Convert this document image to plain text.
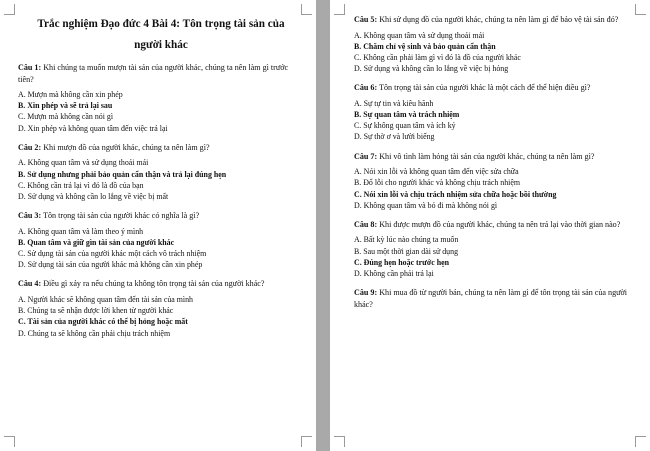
Trắc nghiệm Đạo đức 4 Bài 4: Tôn trọng tài sản của người khác
Câu 1: Khi chúng ta muốn mượn tài sản của người khác, chúng ta nên làm gì trước tiên?
A. Mượn mà không cần xin phép
B. Xin phép và sẽ trả lại sau
C. Mượn mà không cần nói gì
D. Xin phép và không quan tâm đến việc trả lại
Câu 2: Khi mượn đồ của người khác, chúng ta nên làm gì?
A. Không quan tâm và sử dụng thoải mái
B. Sử dụng nhưng phải bảo quản cẩn thận và trả lại đúng hẹn
C. Không cần trả lại vì đó là đồ của bạn
D. Sử dụng và không cần lo lắng về việc bị mất
Câu 3: Tôn trọng tài sản của người khác có nghĩa là gì?
A. Không quan tâm và làm theo ý mình
B. Quan tâm và giữ gìn tài sản của người khác
C. Sử dụng tài sản của người khác một cách vô trách nhiệm
D. Sử dụng tài sản của người khác mà không cần xin phép
Câu 4: Điều gì xảy ra nếu chúng ta không tôn trọng tài sản của người khác?
A. Người khác sẽ không quan tâm đến tài sản của mình
B. Chúng ta sẽ nhận được lời khen từ người khác
C. Tài sản của người khác có thể bị hỏng hoặc mất
D. Chúng ta sẽ không cần phải chịu trách nhiệm
Câu 5: Khi sử dụng đồ của người khác, chúng ta nên làm gì để bảo vệ tài sản đó?
A. Không quan tâm và sử dụng thoải mái
B. Chăm chỉ vệ sinh và bảo quản cẩn thận
C. Không cần phải làm gì vì đó là đồ của người khác
D. Sử dụng và không cần lo lắng về việc bị hỏng
Câu 6: Tôn trọng tài sản của người khác là một cách để thể hiện điều gì?
A. Sự tự tin và kiêu hãnh
B. Sự quan tâm và trách nhiệm
C. Sự không quan tâm và ích kỷ
D. Sự thờ ơ và lười biếng
Câu 7: Khi vô tình làm hỏng tài sản của người khác, chúng ta nên làm gì?
A. Nói xin lỗi và không quan tâm đến việc sửa chữa
B. Đổ lỗi cho người khác và không chịu trách nhiệm
C. Nói xin lỗi và chịu trách nhiệm sửa chữa hoặc bồi thường
D. Không quan tâm và bỏ đi mà không nói gì
Câu 8: Khi được mượn đồ của người khác, chúng ta nên trả lại vào thời gian nào?
A. Bất kỳ lúc nào chúng ta muốn
B. Sau một thời gian dài sử dụng
C. Đúng hẹn hoặc trước hẹn
D. Không cần phải trả lại
Câu 9: Khi mua đồ từ người bán, chúng ta nên làm gì để tôn trọng tài sản của người khác?
